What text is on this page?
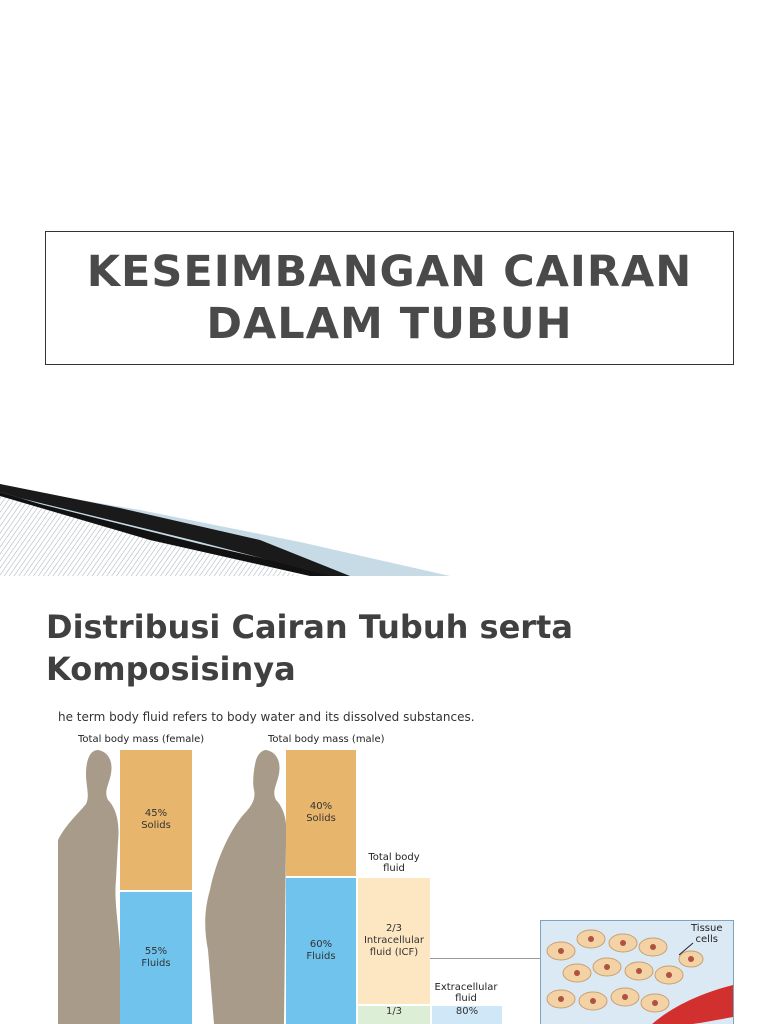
KESEIMBANGAN CAIRAN
DALAM TUBUH
Distribusi Cairan Tubuh serta
Komposisinya
he term body fluid refers to body water and its dissolved substances.
Total body mass (female)
45%
Solids
55%
Fluids
Total body mass (male)
40%
Solids
60%
Fluids
Total body
fluid
2/3
Intracellular
fluid (ICF)
1/3
Extracellular
fluid
80%
Tissue
cells
